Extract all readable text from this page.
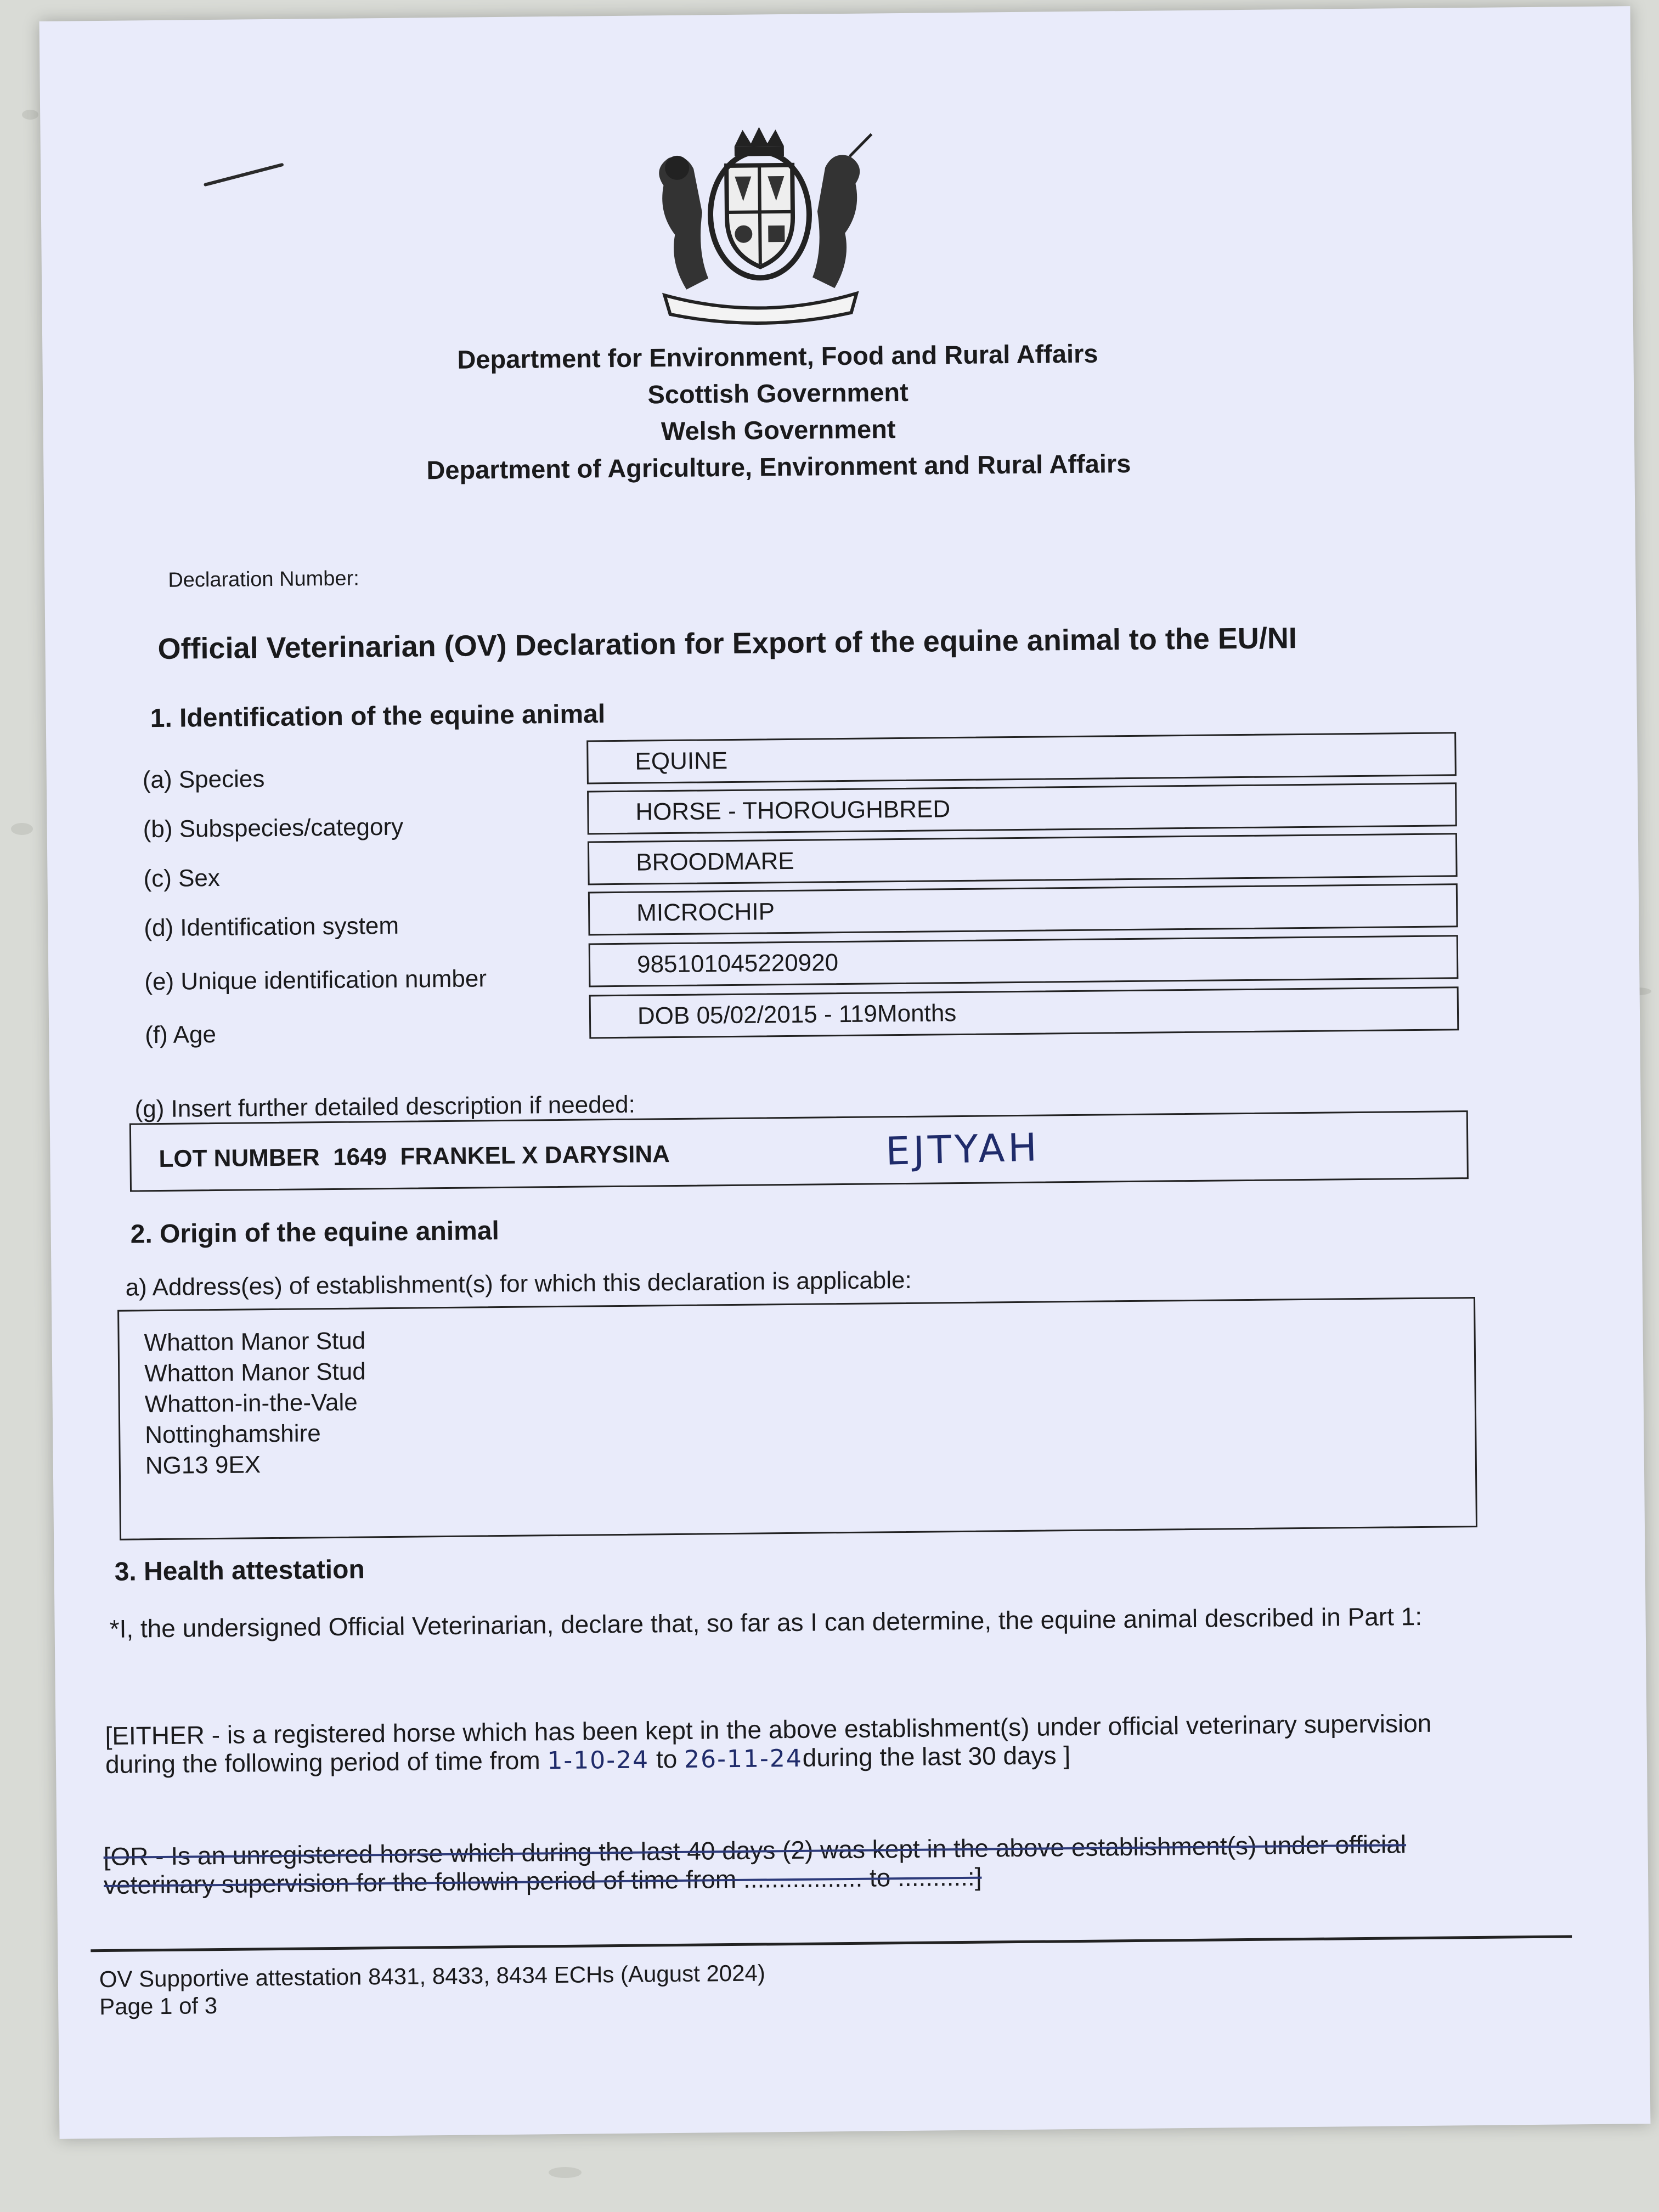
Department for Environment, Food and Rural Affairs
Scottish Government
Welsh Government
Department of Agriculture, Environment and Rural Affairs
Declaration Number:
Official Veterinarian (OV) Declaration for Export of the equine animal to the EU/NI
1. Identification of the equine animal
(a) Species
EQUINE
(b) Subspecies/category
HORSE - THOROUGHBRED
(c) Sex
BROODMARE
(d) Identification system	MICROCHIP
(e) Unique identification number
985101045220920
(f) Age
DOB 05/02/2015 - 119Months
(g) Insert further detailed description if needed:
LOT NUMBER  1649  FRANKEL X DARYSINA	EJTYAH
2. Origin of the equine animal
a) Address(es) of establishment(s) for which this declaration is applicable:
Whatton Manor Stud
Whatton Manor Stud
Whatton-in-the-Vale
Nottinghamshire
NG13 9EX
3. Health attestation
*I, the undersigned Official Veterinarian, declare that, so far as I can determine, the equine animal described in Part 1:
[EITHER - is a registered horse which has been kept in the above establishment(s) under official veterinary supervision during the following period of time from 1-10-24 to 26-11-24during the last 30 days ]
[OR - Is an unregistered horse which during the last 40 days (2) was kept in the above establishment(s) under official veterinary supervision for the followin period of time from ................. to ..........:]
OV Supportive attestation 8431, 8433, 8434 ECHs (August 2024)
Page 1 of 3
